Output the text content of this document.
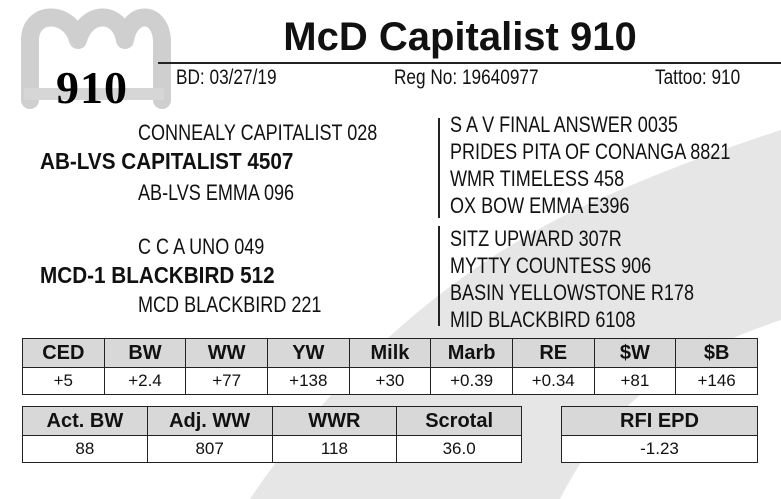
910
McD Capitalist 910
BD: 03/27/19	Reg No: 19640977	Tattoo: 910
CONNEALY CAPITALIST 028
AB-LVS CAPITALIST 4507
AB-LVS EMMA 096
C C A UNO 049
MCD-1 BLACKBIRD 512
MCD BLACKBIRD 221
S A V FINAL ANSWER 0035
PRIDES PITA OF CONANGA 8821
WMR TIMELESS 458
OX BOW EMMA E396
SITZ UPWARD 307R
MYTTY COUNTESS 906
BASIN YELLOWSTONE R178
MID BLACKBIRD 6108
CED	BW	WW	YW	Milk	Marb	RE	$W	$B
+5	+2.4	+77	+138	+30	+0.39	+0.34	+81	+146
Act. BW	Adj. WW	WWR	Scrotal
88	807	118	36.0
RFI EPD
-1.23
